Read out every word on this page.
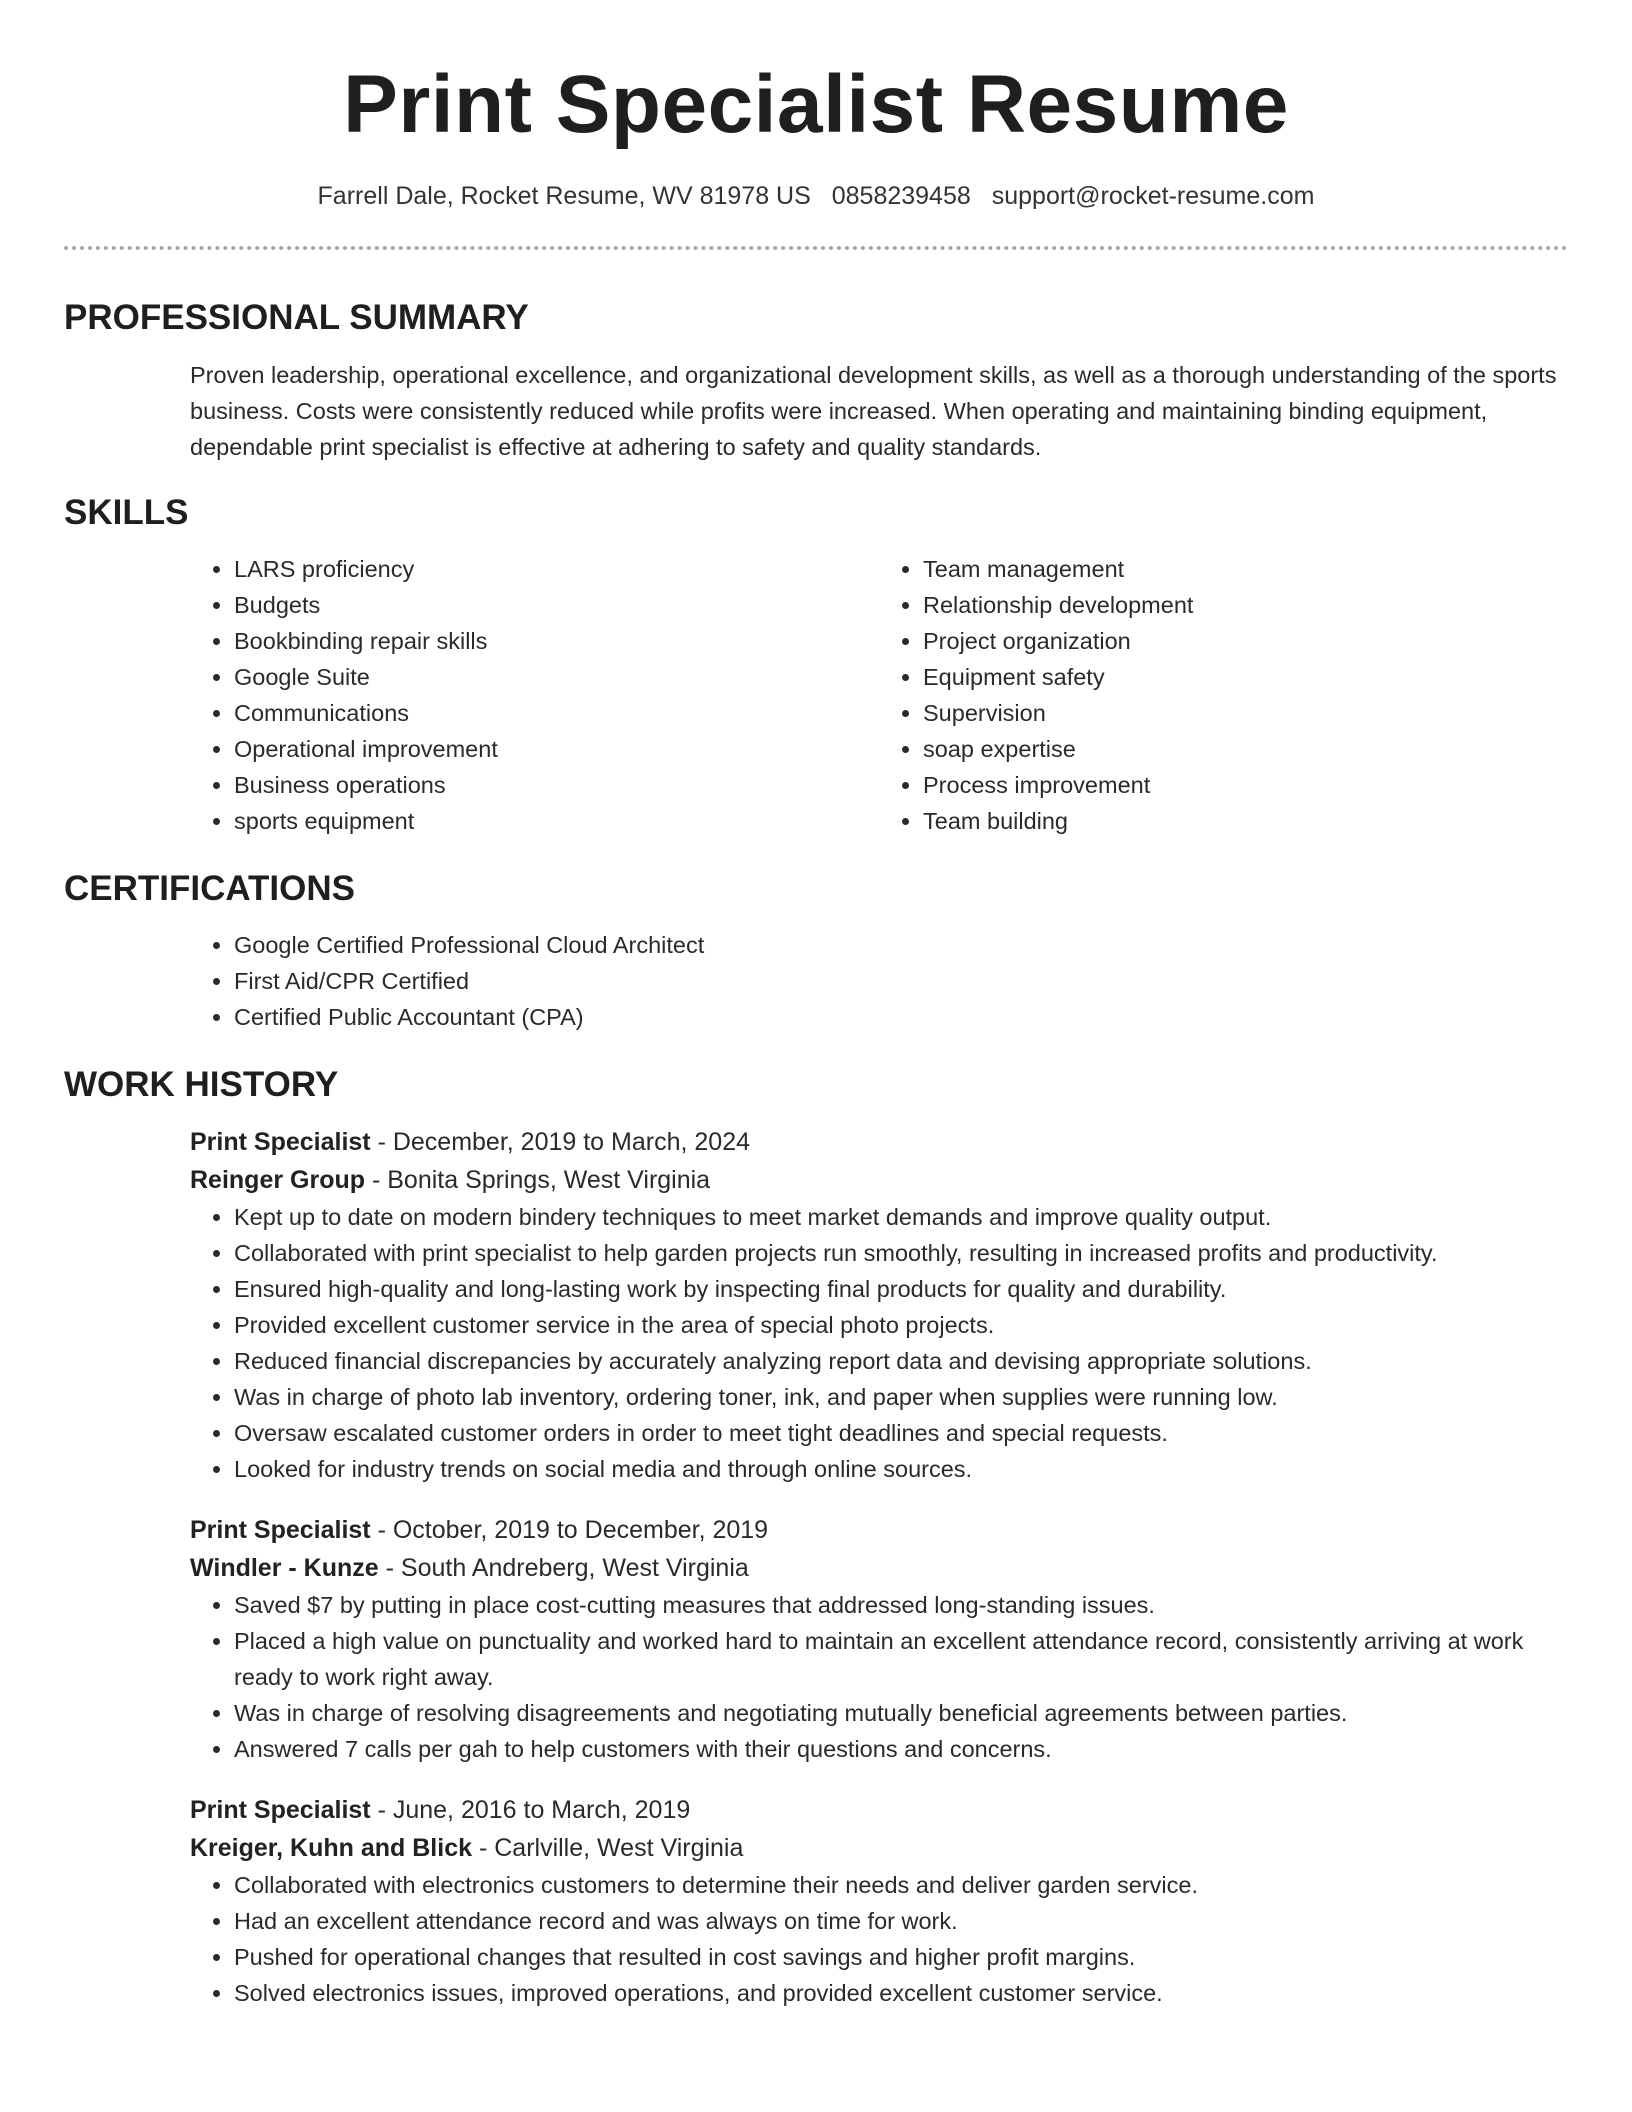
Print Specialist Resume
Farrell Dale, Rocket Resume, WV 81978 US 0858239458 support@rocket-resume.com
PROFESSIONAL SUMMARY

Proven leadership, operational excellence, and organizational development skills, as well as a thorough understanding of the sports business. Costs were consistently reduced while profits were increased. When operating and maintaining binding equipment, dependable print specialist is effective at adhering to safety and quality standards.

SKILLS
• LARS proficiency
• Budgets
• Bookbinding repair skills
• Google Suite
• Communications
• Operational improvement
• Business operations
• sports equipment
• Team management
• Relationship development
• Project organization
• Equipment safety
• Supervision
• soap expertise
• Process improvement
• Team building
CERTIFICATIONS
• Google Certified Professional Cloud Architect
• First Aid/CPR Certified
• Certified Public Accountant (CPA)
WORK HISTORY
Print Specialist - December, 2019 to March, 2024
Reinger Group - Bonita Springs, West Virginia
• Kept up to date on modern bindery techniques to meet market demands and improve quality output.
• Collaborated with print specialist to help garden projects run smoothly, resulting in increased profits and productivity.
• Ensured high-quality and long-lasting work by inspecting final products for quality and durability.
• Provided excellent customer service in the area of special photo projects.
• Reduced financial discrepancies by accurately analyzing report data and devising appropriate solutions.
• Was in charge of photo lab inventory, ordering toner, ink, and paper when supplies were running low.
• Oversaw escalated customer orders in order to meet tight deadlines and special requests.
• Looked for industry trends on social media and through online sources.
Print Specialist - October, 2019 to December, 2019
Windler - Kunze - South Andreberg, West Virginia
• Saved $7 by putting in place cost-cutting measures that addressed long-standing issues.
• Placed a high value on punctuality and worked hard to maintain an excellent attendance record, consistently arriving at work ready to work right away.
• Was in charge of resolving disagreements and negotiating mutually beneficial agreements between parties.
• Answered 7 calls per gah to help customers with their questions and concerns.
Print Specialist - June, 2016 to March, 2019
Kreiger, Kuhn and Blick - Carlville, West Virginia
• Collaborated with electronics customers to determine their needs and deliver garden service.
• Had an excellent attendance record and was always on time for work.
• Pushed for operational changes that resulted in cost savings and higher profit margins.
• Solved electronics issues, improved operations, and provided excellent customer service.
